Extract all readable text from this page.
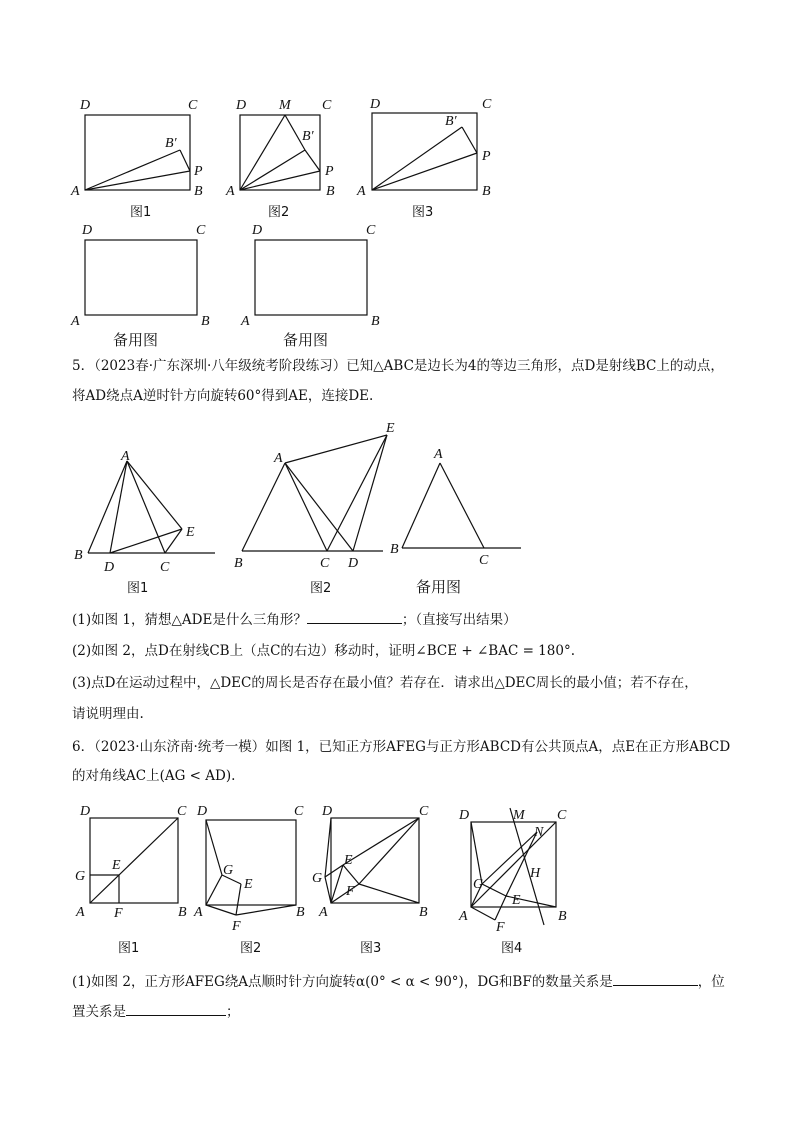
D	C
A	B
P
B′
图1
D M C
A	B
P
B′
图2
D	C
A	B
P
B′
图3
D	C
A	B
备用图
D	C
A	B
备用图
A
B
D	C
E
图1
A
B	C D
E
图2
A
B
C
备用图
D	C
G
E
A F	B
图1
D	C
G
E
A
F
B
图2
D	C
G
E
F
A	B
图3
D	M C
N
H
G
E
A
F
B
图4
5．（2023春·广东深圳·八年级统考阶段练习）已知△ABC是边长为4的等边三角形，点D是射线BC上的动点，
将AD绕点A逆时针方向旋转60°得到AE，连接DE.
(1)如图 1，猜想△ADE是什么三角形？	；（直接写出结果）
(2)如图 2，点D在射线CB上（点C的右边）移动时，证明∠BCE + ∠BAC = 180°.
(3)点D在运动过程中，△DEC的周长是否存在最小值？若存在．请求出△DEC周长的最小值；若不存在，
请说明理由.
6．（2023·山东济南·统考一模）如图 1，已知正方形AFEG与正方形ABCD有公共顶点A，点E在正方形ABCD
的对角线AC上(AG < AD).
(1)如图 2，正方形AFEG绕A点顺时针方向旋转α(0° < α < 90°)，DG和BF的数量关系是	，位
置关系是	；
